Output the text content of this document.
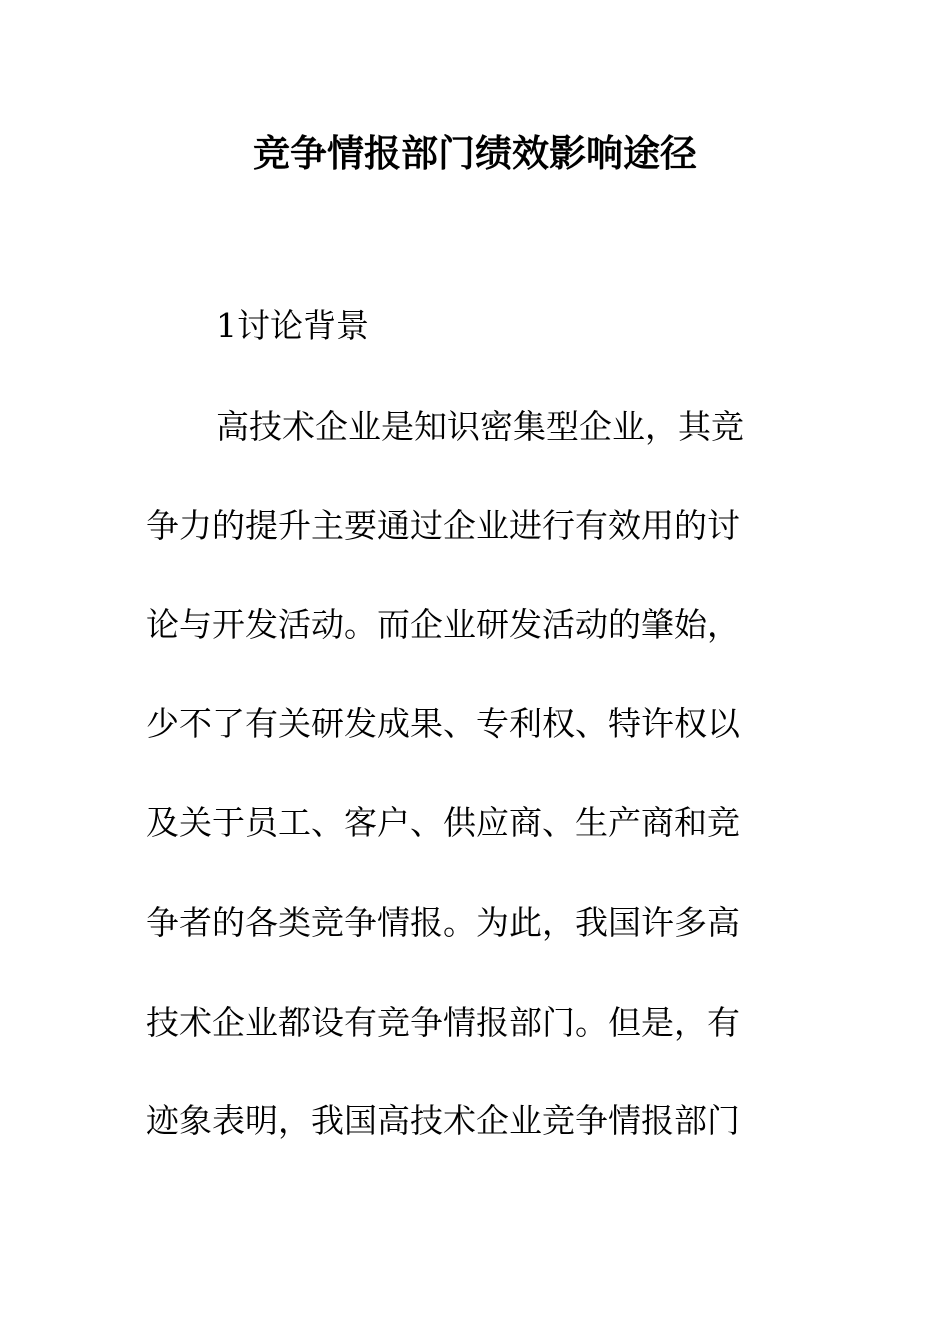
竞争情报部门绩效影响途径
1讨论背景
高技术企业是知识密集型企业，其竞
争力的提升主要通过企业进行有效用的讨
论与开发活动。而企业研发活动的肇始，
少不了有关研发成果、专利权、特许权以
及关于员工、客户、供应商、生产商和竞
争者的各类竞争情报。为此，我国许多高
技术企业都设有竞争情报部门。但是，有
迹象表明，我国高技术企业竞争情报部门
